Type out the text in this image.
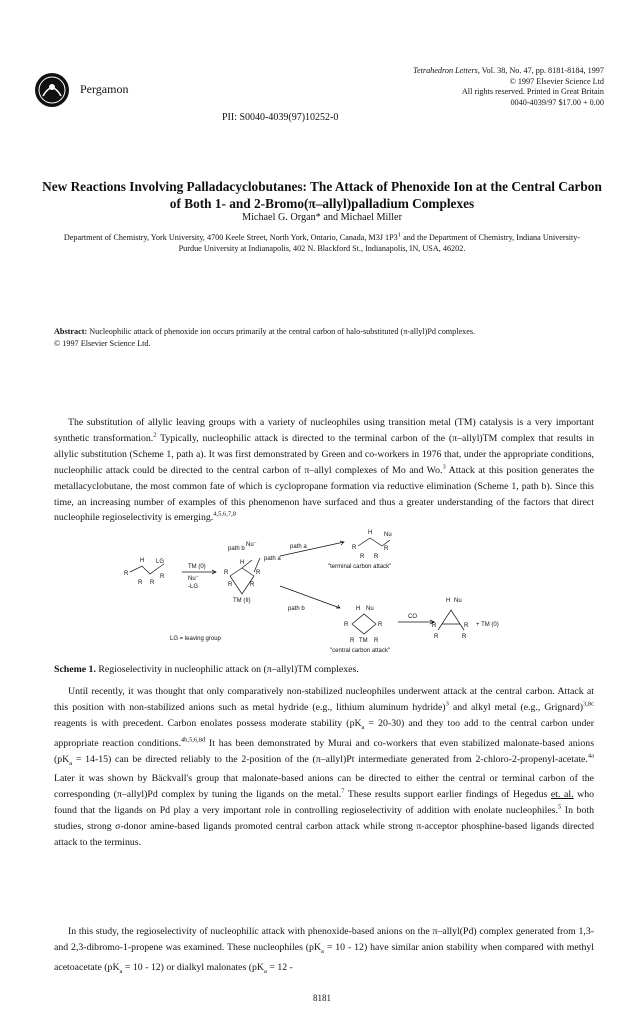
Pergamon
Tetrahedron Letters, Vol. 38, No. 47, pp. 8181-8184, 1997
© 1997 Elsevier Science Ltd
All rights reserved. Printed in Great Britain
0040-4039/97 $17.00 + 0.00
PII: S0040-4039(97)10252-0
New Reactions Involving Palladacyclobutanes: The Attack of Phenoxide Ion at the Central Carbon of Both 1- and 2-Bromo(π–allyl)palladium Complexes
Michael G. Organ* and Michael Miller
Department of Chemistry, York University, 4700 Keele Street, North York, Ontario, Canada, M3J $1P3^1$ and the Department of Chemistry, Indiana University-Purdue University at Indianapolis, 402 N. Blackford St., Indianapolis, IN, USA, 46202.
Abstract: Nucleophilic attack of phenoxide ion occurs primarily at the central carbon of halo-substituted (π-allyl)Pd complexes.
© 1997 Elsevier Science Ltd.
The substitution of allylic leaving groups with a variety of nucleophiles using transition metal (TM) catalysis is a very important synthetic transformation.$^2$ Typically, nucleophilic attack is directed to the terminal carbon of the (π–allyl)TM complex that results in allylic substitution (Scheme 1, path a). It was first demonstrated by Green and co-workers in 1976 that, under the appropriate conditions, nucleophilic attack could be directed to the central carbon of π–allyl complexes of Mo and Wo.$^3$ Attack at this position generates the metallacyclobutane, the most common fate of which is cyclopropane formation via reductive elimination (Scheme 1, path b). Since this time, an increasing number of examples of this phenomenon have surfaced and thus a greater understanding of the factors that direct nucleophile regioselectivity is emerging.$^{4,5,6,7,8}$
R
H LG
R
R R
TM (0)
Nu⁻
-LG
R	R
H
R	R
TM (II)
path b
Nu⁻
path a
path a
path b
R
H Nu
R
R R
"terminal carbon attack"
H Nu
R	R
R TM R
"central carbon attack"
CO
H Nu
R	R
R	R
+ TM (0)
LG = leaving group
Scheme 1. Regioselectivity in nucleophilic attack on (π–allyl)TM complexes.
Until recently, it was thought that only comparatively non-stabilized nucleophiles underwent attack at the central carbon. Attack at this position with non-stabilized anions such as metal hydride (e.g., lithium aluminum hydride)$^3$ and alkyl metal (e.g., Grignard)$^{3,8c}$ reagents is with precedent. Carbon enolates possess moderate stability $(pK_a = 20-30)$ and they too add to the central carbon under appropriate reaction conditions.$^{4b,5,6,8d}$ It has been demonstrated by Murai and co-workers that even stabilized malonate-based anions $(pK_a = 14-15)$ can be directed reliably to the 2-position of the (π–allyl)Pt intermediate generated from 2-chloro-2-propenyl-acetate.$^{4a}$ Later it was shown by Bäckvall's group that malonate-based anions can be directed to either the central or terminal carbon of the corresponding (π–allyl)Pd complex by tuning the ligands on the metal.$^7$ These results support earlier findings of Hegedus et. al. who found that the ligands on Pd play a very important role in controlling regioselectivity of addition with enolate nucleophiles.$^5$ In both studies, strong σ-donor amine-based ligands promoted central carbon attack while strong π-acceptor phosphine-based ligands directed attack to the terminus.
In this study, the regioselectivity of nucleophilic attack with phenoxide-based anions on the π–allyl(Pd) complex generated from 1,3- and 2,3-dibromo-1-propene was examined. These nucleophiles $(pK_a = 10 - 12)$ have similar anion stability when compared with methyl acetoacetate $(pK_a = 10 - 12)$ or dialkyl malonates ($pK_a = 12$ -
8181
